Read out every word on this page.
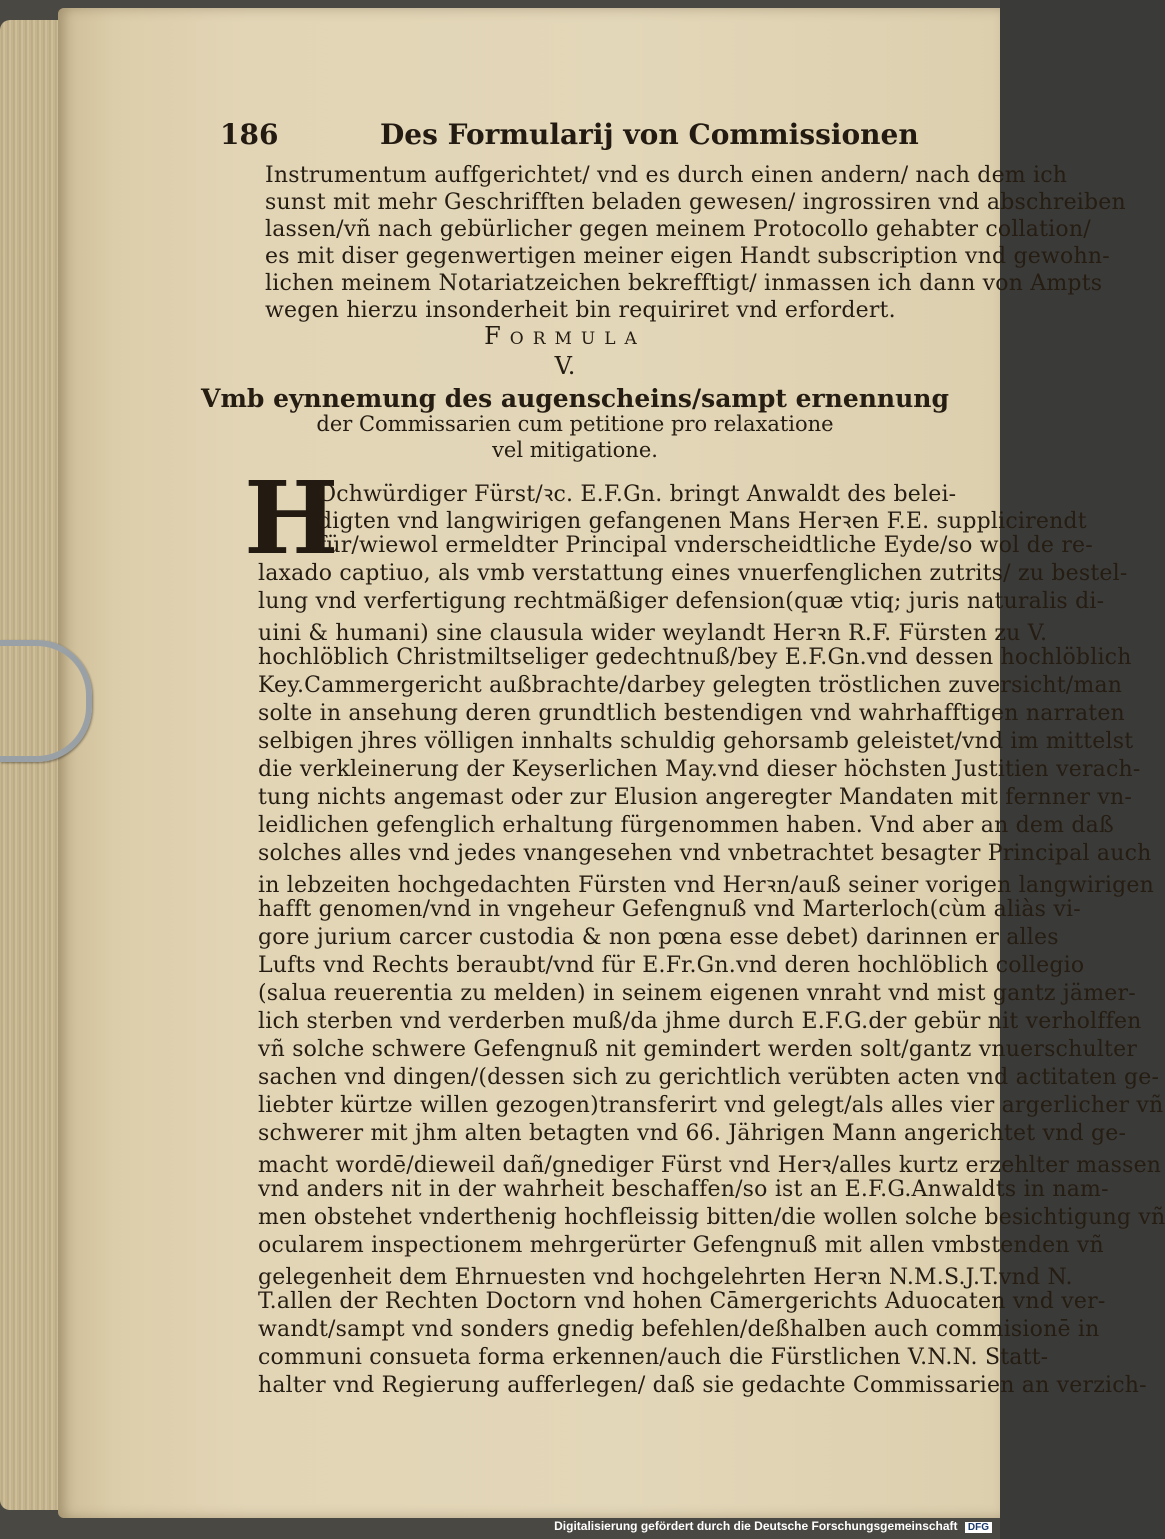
186	Des Formularij von Commissionen
Instrumentum auffgerichtet/ vnd es durch einen andern/ nach dem ich
sunst mit mehr Geschrifften beladen gewesen/ ingrossiren vnd abschreiben
lassen/vñ nach gebürlicher gegen meinem Protocollo gehabter collation/
es mit diser gegenwertigen meiner eigen Handt subscription vnd gewohn-
lichen meinem Notariatzeichen bekrefftigt/ inmassen ich dann von Ampts
wegen hierzu insonderheit bin requiriret vnd erfordert.
Formula
V.
Vmb eynnemung des augenscheins/sampt ernennung
der Commissarien cum petitione pro relaxatione
vel mitigatione.
H
Ochwürdiger Fürst/ꝛc. E.F.Gn. bringt Anwaldt des belei-
digten vnd langwirigen gefangenen Mans Herꝛen F.E. supplicirendt
für/wiewol ermeldter Principal vnderscheidtliche Eyde/so wol de re-
laxado captiuo, als vmb verstattung eines vnuerfenglichen zutrits/ zu bestel-
lung vnd verfertigung rechtmäßiger defension(quæ vtiq; juris naturalis di-
uini & humani) sine clausula wider weylandt Herꝛn R.F. Fürsten zu V.
hochlöblich Christmiltseliger gedechtnuß/bey E.F.Gn.vnd dessen hochlöblich
Key.Cammergericht außbrachte/darbey gelegten tröstlichen zuversicht/man
solte in ansehung deren grundtlich bestendigen vnd wahrhafftigen narraten
selbigen jhres völligen innhalts schuldig gehorsamb geleistet/vnd im mittelst
die verkleinerung der Keyserlichen May.vnd dieser höchsten Justitien verach-
tung nichts angemast oder zur Elusion angeregter Mandaten mit fernner vn-
leidlichen gefenglich erhaltung fürgenommen haben. Vnd aber an dem daß
solches alles vnd jedes vnangesehen vnd vnbetrachtet besagter Principal auch
in lebzeiten hochgedachten Fürsten vnd Herꝛn/auß seiner vorigen langwirigen
hafft genomen/vnd in vngeheur Gefengnuß vnd Marterloch(cùm aliàs vi-
gore jurium carcer custodia & non pœna esse debet) darinnen er alles
Lufts vnd Rechts beraubt/vnd für E.Fr.Gn.vnd deren hochlöblich collegio
(salua reuerentia zu melden) in seinem eigenen vnraht vnd mist gantz jämer-
lich sterben vnd verderben muß/da jhme durch E.F.G.der gebür nit verholffen
vñ solche schwere Gefengnuß nit gemindert werden solt/gantz vnuerschulter
sachen vnd dingen/(dessen sich zu gerichtlich verübten acten vnd actitaten ge-
liebter kürtze willen gezogen)transferirt vnd gelegt/als alles vier argerlicher vñ
schwerer mit jhm alten betagten vnd 66. Jährigen Mann angerichtet vnd ge-
macht wordē/dieweil dañ/gnediger Fürst vnd Herꝛ/alles kurtz erzehlter massen
vnd anders nit in der wahrheit beschaffen/so ist an E.F.G.Anwaldts in nam-
men obstehet vnderthenig hochfleissig bitten/die wollen solche besichtigung vñ
ocularem inspectionem mehrgerürter Gefengnuß mit allen vmbstenden vñ
gelegenheit dem Ehrnuesten vnd hochgelehrten Herꝛn N.M.S.J.T.vnd N.
T.allen der Rechten Doctorn vnd hohen Cāmergerichts Aduocaten vnd ver-
wandt/sampt vnd sonders gnedig befehlen/deßhalben auch commisionē in
communi consueta forma erkennen/auch die Fürstlichen V.N.N. Statt-
halter vnd Regierung aufferlegen/ daß sie gedachte Commissarien an verzich-
Digitalisierung gefördert durch die Deutsche Forschungsgemeinschaft DFG
